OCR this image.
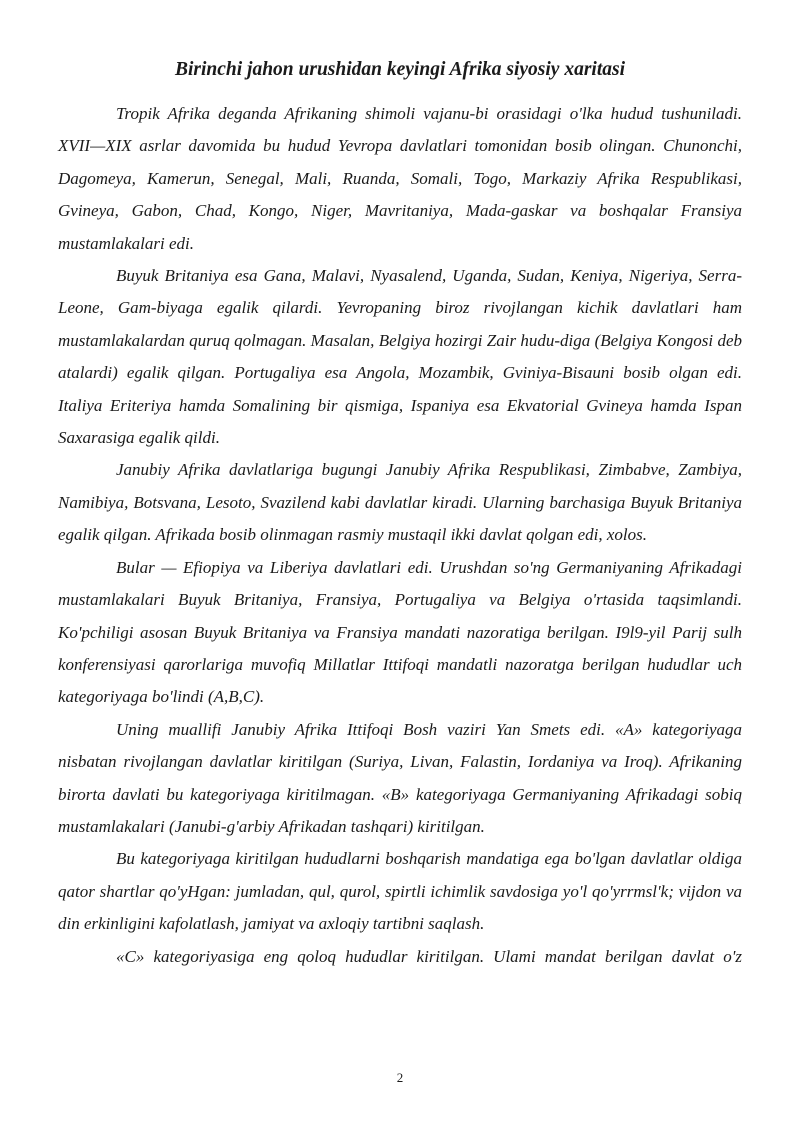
Birinchi jahon urushidan keyingi Afrika siyosiy xaritasi

Tropik Afrika deganda Afrikaning shimoli vajanu-bi orasidagi o'lka hudud tushuniladi. XVII—XIX asrlar davomida bu hudud Yevropa davlatlari tomonidan bosib olingan. Chunonchi, Dagomeya, Kamerun, Senegal, Mali, Ruanda, Somali, Togo, Markaziy Afrika Respublikasi, Gvineya, Gabon, Chad, Kongo, Niger, Mavritaniya, Mada-gaskar va boshqalar Fransiya mustamlakalari edi.

Buyuk Britaniya esa Gana, Malavi, Nyasalend, Uganda, Sudan, Keniya, Nigeriya, Serra-Leone, Gam-biyaga egalik qilardi. Yevropaning biroz rivojlangan kichik davlatlari ham mustamlakalardan quruq qolmagan. Masalan, Belgiya hozirgi Zair hudu-diga (Belgiya Kongosi deb atalardi) egalik qilgan. Portugaliya esa Angola, Mozambik, Gviniya-Bisauni bosib olgan edi. Italiya Eriteriya hamda Somalining bir qismiga, Ispaniya esa Ekvatorial Gvineya hamda Ispan Saxarasiga egalik qildi.

Janubiy Afrika davlatlariga bugungi Janubiy Afrika Respublikasi, Zimbabve, Zambiya, Namibiya, Botsvana, Lesoto, Svazilend kabi davlatlar kiradi. Ularning barchasiga Buyuk Britaniya egalik qilgan. Afrikada bosib olinmagan rasmiy mustaqil ikki davlat qolgan edi, xolos.

Bular — Efiopiya va Liberiya davlatlari edi. Urushdan so'ng Germaniyaning Afrikadagi mustamlakalari Buyuk Britaniya, Fransiya, Portugaliya va Belgiya o'rtasida taqsimlandi. Ko'pchiligi asosan Buyuk Britaniya va Fransiya mandati nazoratiga berilgan. I9l9-yil Parij sulh konferensiyasi qarorlariga muvofiq Millatlar Ittifoqi mandatli nazoratga berilgan hududlar uch kategoriyaga bo'lindi (A,B,C).

Uning muallifi Janubiy Afrika Ittifoqi Bosh vaziri Yan Smets edi. «A» kategoriyaga nisbatan rivojlangan davlatlar kiritilgan (Suriya, Livan, Falastin, Iordaniya va Iroq). Afrikaning birorta davlati bu kategoriyaga kiritilmagan. «B» kategoriyaga Germaniyaning Afrikadagi sobiq mustamlakalari (Janubi-g'arbiy Afrikadan tashqari) kiritilgan.

Bu kategoriyaga kiritilgan hududlarni boshqarish mandatiga ega bo'lgan davlatlar oldiga qator shartlar qo'yHgan: jumladan, qul, qurol, spirtli ichimlik savdosiga yo'l qo'yrrmsl'k; vijdon va din erkinligini kafolatlash, jamiyat va axloqiy tartibni saqlash.

«C» kategoriyasiga eng qoloq hududlar kiritilgan. Ulami mandat berilgan davlat o'z

2
